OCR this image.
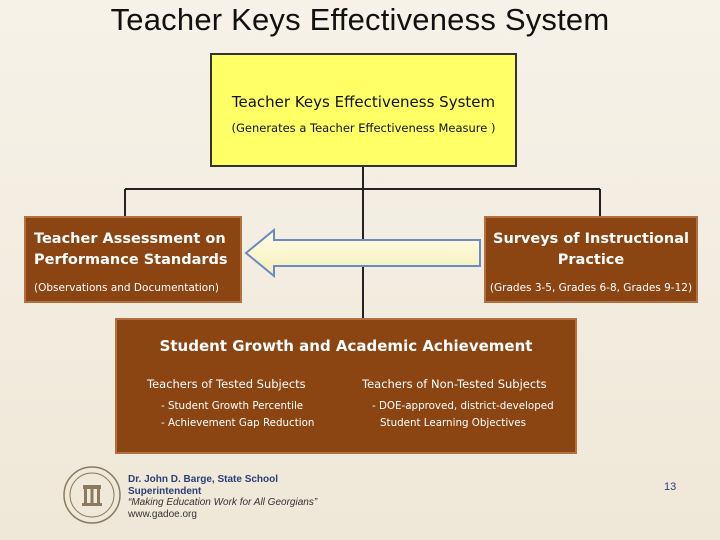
Teacher Keys Effectiveness System
Teacher Keys Effectiveness System
(Generates a Teacher Effectiveness Measure )
Teacher Assessment on
Performance Standards
(Observations and Documentation)
Surveys of Instructional
Practice
(Grades 3-5, Grades 6-8, Grades 9-12)
Student Growth and Academic Achievement
Teachers of Tested Subjects	Teachers of Non-Tested Subjects
- Student Growth Percentile
- Achievement Gap Reduction
- DOE-approved, district-developed
Student Learning Objectives
Dr. John D. Barge, State School
Superintendent
“Making Education Work for All Georgians”
www.gadoe.org
13
